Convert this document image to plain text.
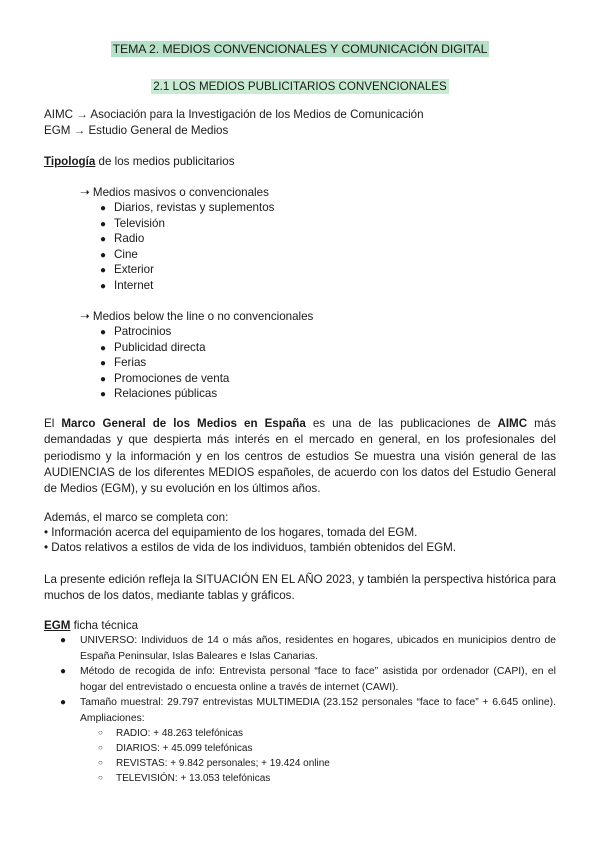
TEMA 2. MEDIOS CONVENCIONALES Y COMUNICACIÓN DIGITAL
2.1 LOS MEDIOS PUBLICITARIOS CONVENCIONALES
AIMC → Asociación para la Investigación de los Medios de Comunicación
EGM → Estudio General de Medios
Tipología de los medios publicitarios
➝ Medios masivos o convencionales
● Diarios, revistas y suplementos
● Televisión
● Radio
● Cine
● Exterior
● Internet
➝ Medios below the line o no convencionales
● Patrocinios
● Publicidad directa
● Ferias
● Promociones de venta
● Relaciones públicas
El Marco General de los Medios en España es una de las publicaciones de AIMC más demandadas y que despierta más interés en el mercado en general, en los profesionales del periodismo y la información y en los centros de estudios Se muestra una visión general de las AUDIENCIAS de los diferentes MEDIOS españoles, de acuerdo con los datos del Estudio General de Medios (EGM), y su evolución en los últimos años.
Además, el marco se completa con:
• Información acerca del equipamiento de los hogares, tomada del EGM.
• Datos relativos a estilos de vida de los individuos, también obtenidos del EGM.
La presente edición refleja la SITUACIÓN EN EL AÑO 2023, y también la perspectiva histórica para muchos de los datos, mediante tablas y gráficos.
EGM ficha técnica
●	UNIVERSO: Individuos de 14 o más años, residentes en hogares, ubicados en municipios dentro de España Peninsular, Islas Baleares e Islas Canarias.
●	Método de recogida de info: Entrevista personal “face to face” asistida por ordenador (CAPI), en el hogar del entrevistado o encuesta online a través de internet (CAWI).
●	Tamaño muestral: 29.797 entrevistas MULTIMEDIA (23.152 personales “face to face” + 6.645 online). Ampliaciones:
○ RADIO: + 48.263 telefónicas
○ DIARIOS: + 45.099 telefónicas
○ REVISTAS: + 9.842 personales; + 19.424 online
○ TELEVISIÓN: + 13.053 telefónicas
